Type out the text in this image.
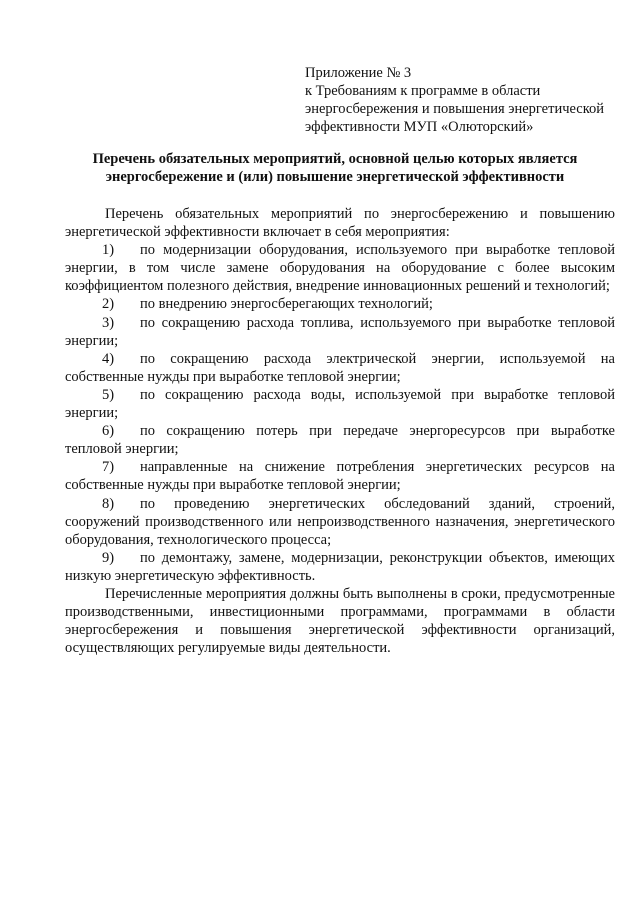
Приложение № 3
к Требованиям к программе в области
энергосбережения и повышения энергетической
эффективности МУП «Олюторский»
Перечень обязательных мероприятий, основной целью которых является
энергосбережение и (или) повышение энергетической эффективности

Перечень обязательных мероприятий по энергосбережению и повышению энергетической эффективности включает в себя мероприятия:

1) по модернизации оборудования, используемого при выработке тепловой энергии, в том числе замене оборудования на оборудование с более высоким коэффициентом полезного действия, внедрение инновационных решений и технологий;

2) по внедрению энергосберегающих технологий;

3) по сокращению расхода топлива, используемого при выработке тепловой энергии;

4) по сокращению расхода электрической энергии, используемой на собственные нужды при выработке тепловой энергии;

5) по сокращению расхода воды, используемой при выработке тепловой энергии;

6) по сокращению потерь при передаче энергоресурсов при выработке тепловой энергии;

7) направленные на снижение потребления энергетических ресурсов на собственные нужды при выработке тепловой энергии;

8) по проведению энергетических обследований зданий, строений, сооружений производственного или непроизводственного назначения, энергетического оборудования, технологического процесса;

9) по демонтажу, замене, модернизации, реконструкции объектов, имеющих низкую энергетическую эффективность.

Перечисленные мероприятия должны быть выполнены в сроки, предусмотренные производственными, инвестиционными программами, программами в области энергосбережения и повышения энергетической эффективности организаций, осуществляющих регулируемые виды деятельности.
